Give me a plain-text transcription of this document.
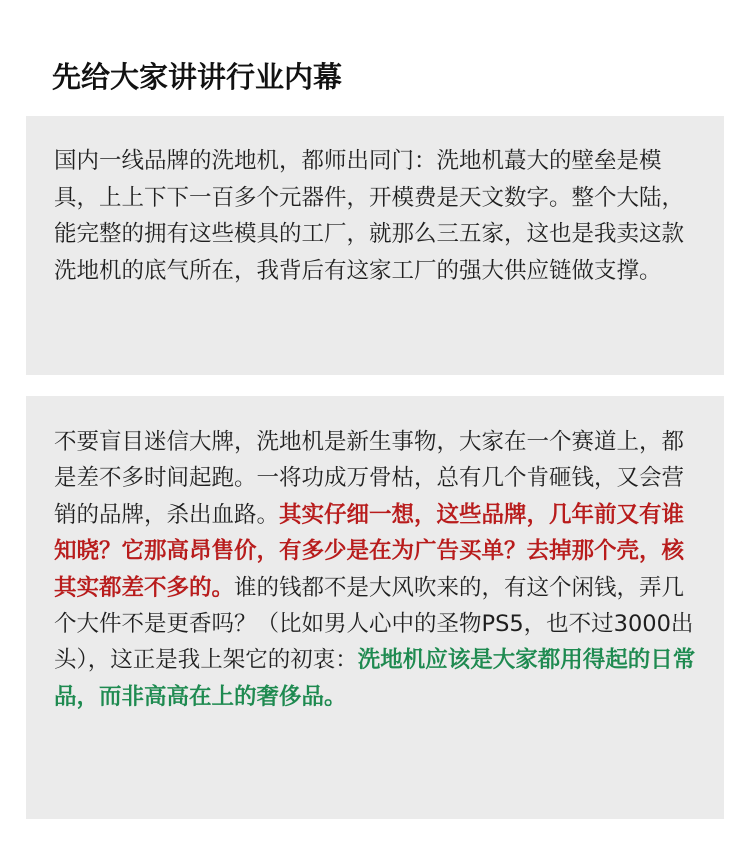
先给大家讲讲行业内幕

国内一线品牌的洗地机，都师出同门：洗地机蕞大的壁垒是模具，上上下下一百多个元器件，开模费是天文数字。整个大陆，能完整的拥有这些模具的工厂，就那么三五家，这也是我卖这款洗地机的底气所在，我背后有这家工厂的强大供应链做支撑。

不要盲目迷信大牌，洗地机是新生事物，大家在一个赛道上，都是差不多时间起跑。一将功成万骨枯，总有几个肯砸钱，又会营销的品牌，杀出血路。其实仔细一想，这些品牌，几年前又有谁知晓？它那高昂售价，有多少是在为广告买单？去掉那个壳，核其实都差不多的。谁的钱都不是大风吹来的，有这个闲钱，弄几个大件不是更香吗？（比如男人心中的圣物PS5，也不过3000出头），这正是我上架它的初衷：洗地机应该是大家都用得起的日常品，而非高高在上的奢侈品。
